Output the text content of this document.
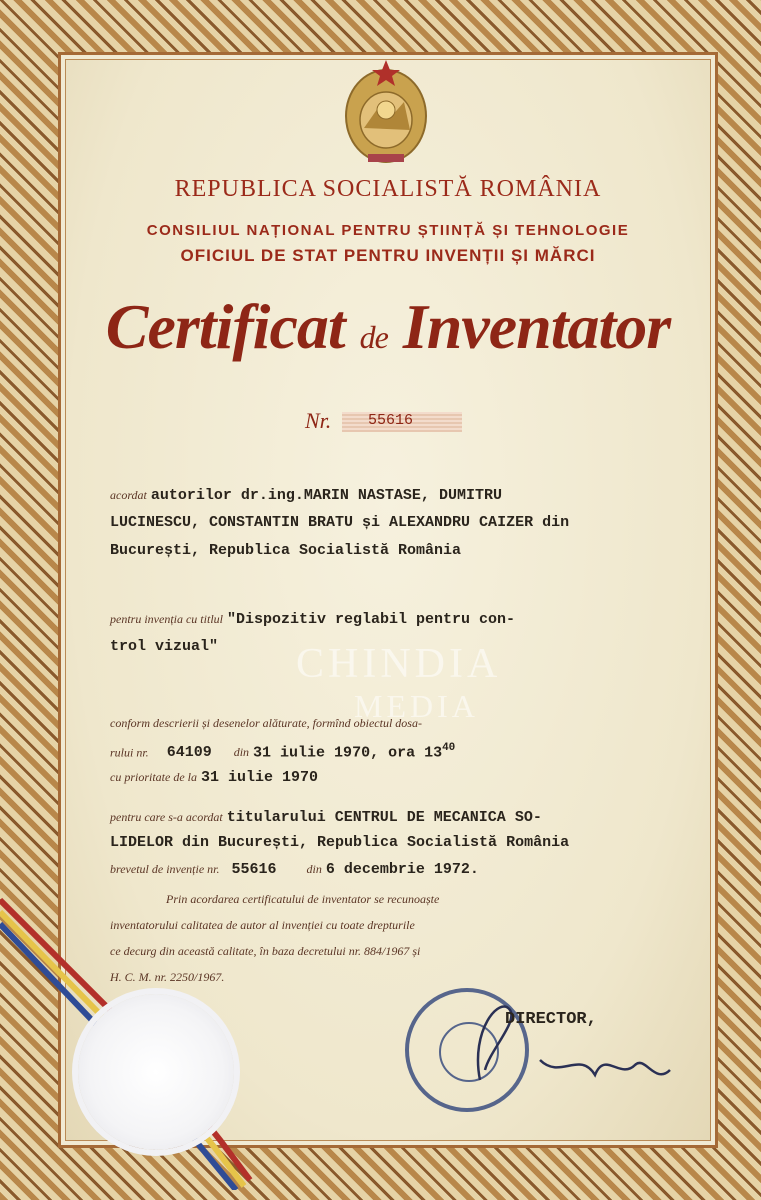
REPUBLICA SOCIALISTĂ ROMÂNIA
CONSILIUL NAȚIONAL PENTRU ȘTIINȚĂ ȘI TEHNOLOGIE
OFICIUL DE STAT PENTRU INVENȚII ȘI MĂRCI
Certificat de Inventator
Nr.	55616
acordat autorilor dr.ing.MARIN NASTASE, DUMITRU
LUCINESCU, CONSTANTIN BRATU și ALEXANDRU CAIZER din
București, Republica Socialistă România
pentru invenția cu titlul "Dispozitiv reglabil pentru con-
trol vizual"
conform descrierii și desenelor alăturate, formînd obiectul dosa-
rului nr. 64109 din 31 iulie 1970, ora $13^{40}$
cu prioritate de la 31 iulie 1970
pentru care s-a acordat titularului CENTRUL DE MECANICA SO-
LIDELOR din București, Republica Socialistă România
brevetul de invenție nr. 55616	din 6 decembrie 1972.
Prin acordarea certificatului de inventator se recunoaște
inventatorului calitatea de autor al invenției cu toate drepturile
ce decurg din această calitate, în baza decretului nr. 884/1967 și
H. C. M. nr. 2250/1967.
DIRECTOR,
CHINDIA
MEDIA
